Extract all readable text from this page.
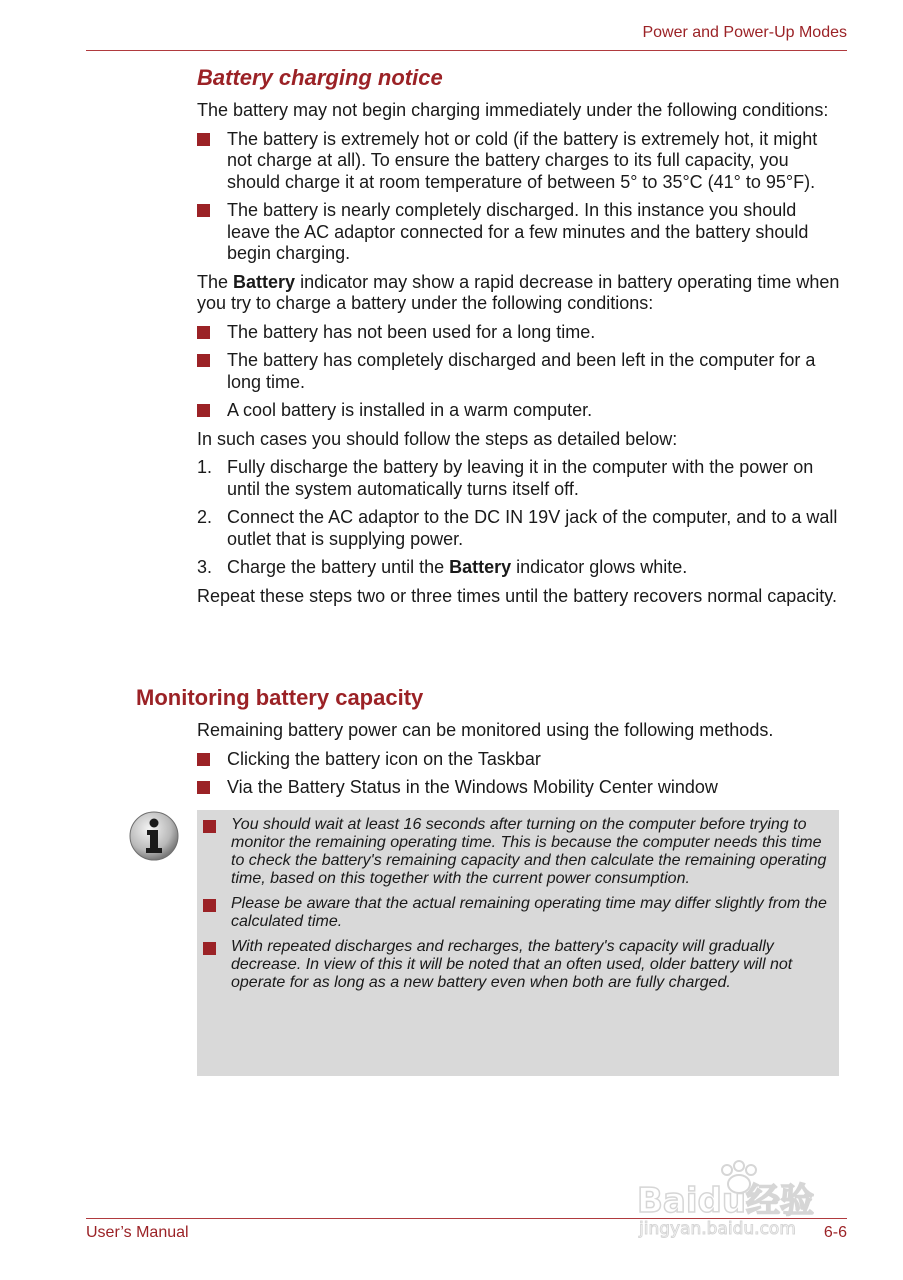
Power and Power-Up Modes
Battery charging notice

The battery may not begin charging immediately under the following conditions:

The battery is extremely hot or cold (if the battery is extremely hot, it might not charge at all). To ensure the battery charges to its full capacity, you should charge it at room temperature of between 5° to 35°C (41° to 95°F).
The battery is nearly completely discharged. In this instance you should leave the AC adaptor connected for a few minutes and the battery should begin charging.

The Battery indicator may show a rapid decrease in battery operating time when you try to charge a battery under the following conditions:

The battery has not been used for a long time.
The battery has completely discharged and been left in the computer for a long time.
A cool battery is installed in a warm computer.

In such cases you should follow the steps as detailed below:

1. Fully discharge the battery by leaving it in the computer with the power on until the system automatically turns itself off.
2. Connect the AC adaptor to the DC IN 19V jack of the computer, and to a wall outlet that is supplying power.
3. Charge the battery until the Battery indicator glows white.

Repeat these steps two or three times until the battery recovers normal capacity.

Monitoring battery capacity

Remaining battery power can be monitored using the following methods.

Clicking the battery icon on the Taskbar
Via the Battery Status in the Windows Mobility Center window
You should wait at least 16 seconds after turning on the computer before trying to monitor the remaining operating time. This is because the computer needs this time to check the battery's remaining capacity and then calculate the remaining operating time, based on this together with the current power consumption.
Please be aware that the actual remaining operating time may differ slightly from the calculated time.
With repeated discharges and recharges, the battery's capacity will gradually decrease. In view of this it will be noted that an often used, older battery will not operate for as long as a new battery even when both are fully charged.
Baidu经验
jingyan.baidu.com
User’s Manual	6-6
